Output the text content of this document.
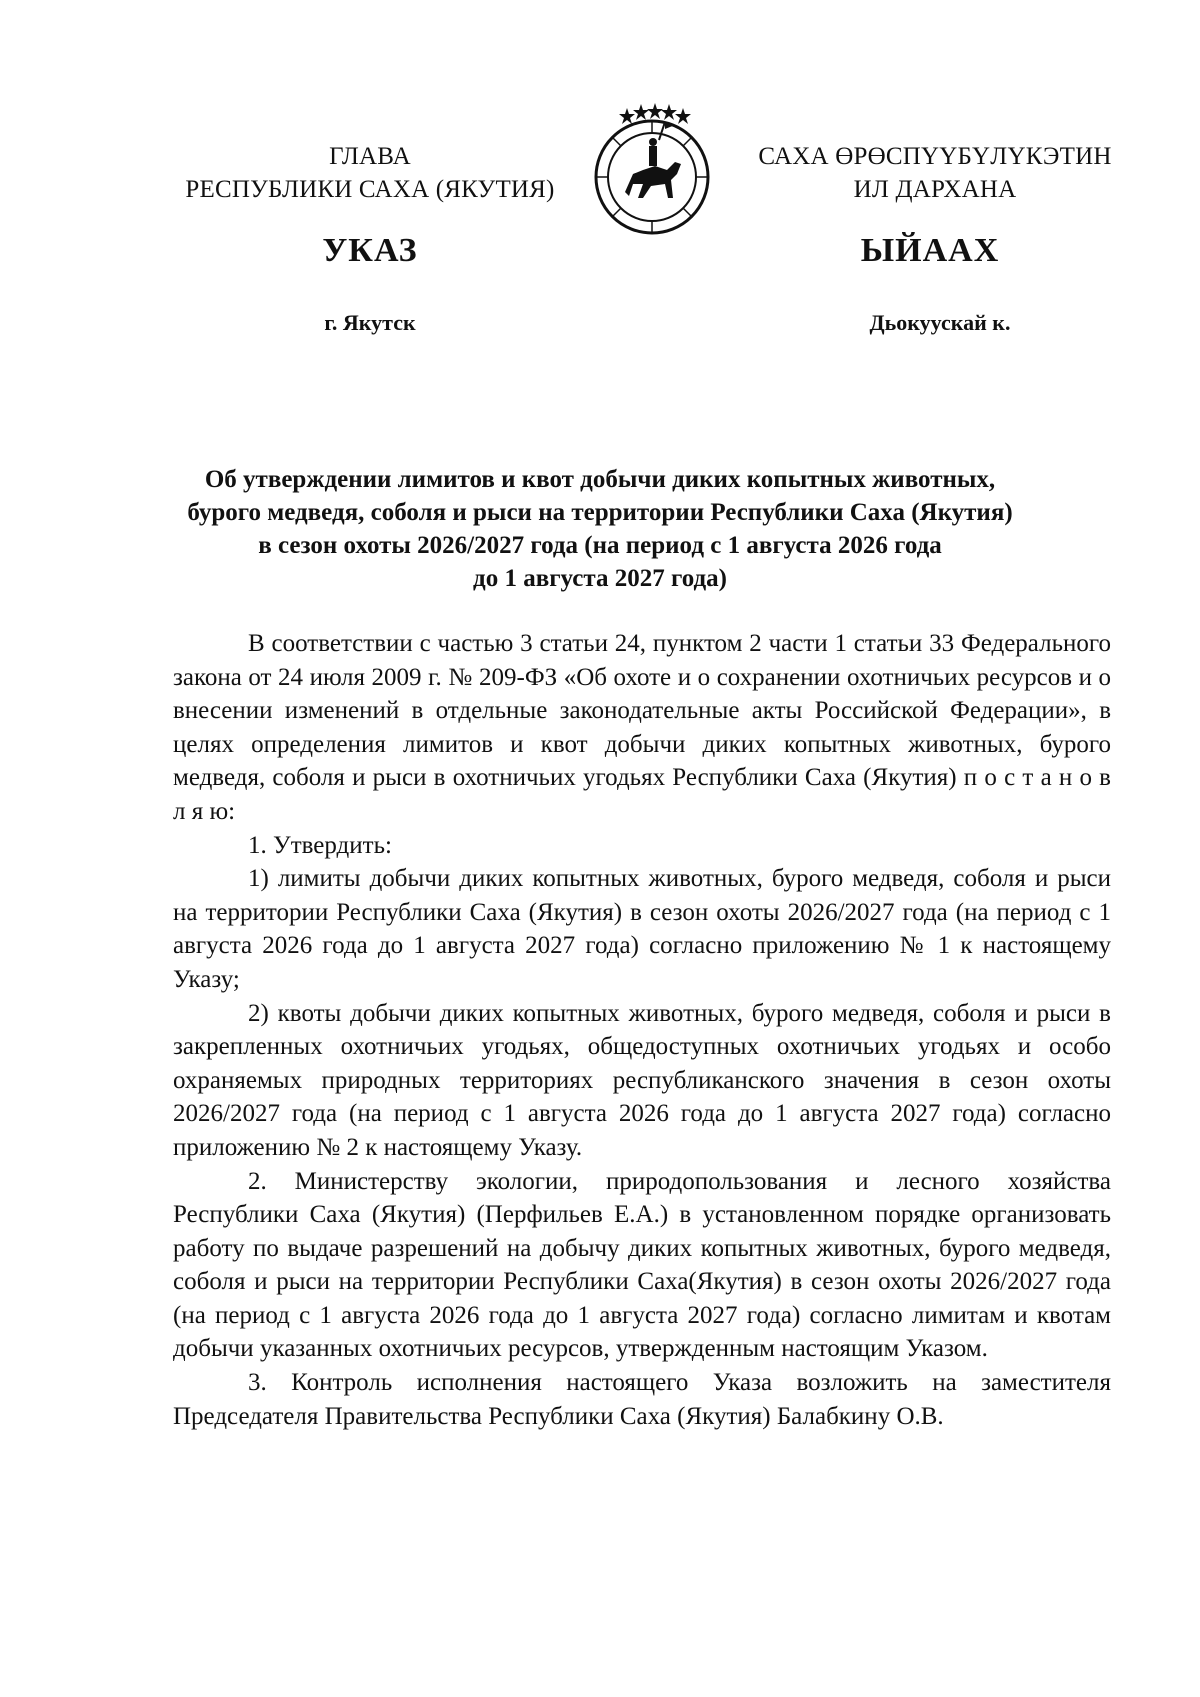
ГЛАВА
РЕСПУБЛИКИ САХА (ЯКУТИЯ)
САХА ӨРӨСПҮҮБҮЛҮКЭТИН
ИЛ ДАРХАНА
УКАЗ	ЫЙААХ
г. Якутск	Дьокуускай к.
Об утверждении лимитов и квот добычи диких копытных животных,
бурого медведя, соболя и рыси на территории Республики Саха (Якутия)
в сезон охоты 2026/2027 года (на период с 1 августа 2026 года
до 1 августа 2027 года)

В соответствии с частью 3 статьи 24, пунктом 2 части 1 статьи 33 Федерального закона от 24 июля 2009 г. № 209-ФЗ «Об охоте и о сохранении охотничьих ресурсов и о внесении изменений в отдельные законодательные акты Российской Федерации», в целях определения лимитов и квот добычи диких копытных животных, бурого медведя, соболя и рыси в охотничьих угодьях Республики Саха (Якутия) п о с т а н о в л я ю:

1. Утвердить:

1) лимиты добычи диких копытных животных, бурого медведя, соболя и рыси на территории Республики Саха (Якутия) в сезон охоты 2026/2027 года (на период с 1 августа 2026 года до 1 августа 2027 года) согласно приложению № 1 к настоящему Указу;

2) квоты добычи диких копытных животных, бурого медведя, соболя и рыси в закрепленных охотничьих угодьях, общедоступных охотничьих угодьях и особо охраняемых природных территориях республиканского значения в сезон охоты 2026/2027 года (на период с 1 августа 2026 года до 1 августа 2027 года) согласно приложению № 2 к настоящему Указу.

2. Министерству экологии, природопользования и лесного хозяйства Республики Саха (Якутия) (Перфильев Е.А.) в установленном порядке организовать работу по выдаче разрешений на добычу диких копытных животных, бурого медведя, соболя и рыси на территории Республики Саха(Якутия) в сезон охоты 2026/2027 года (на период с 1 августа 2026 года до 1 августа 2027 года) согласно лимитам и квотам добычи указанных охотничьих ресурсов, утвержденным настоящим Указом.

3. Контроль исполнения настоящего Указа возложить на заместителя Председателя Правительства Республики Саха (Якутия) Балабкину О.В.
